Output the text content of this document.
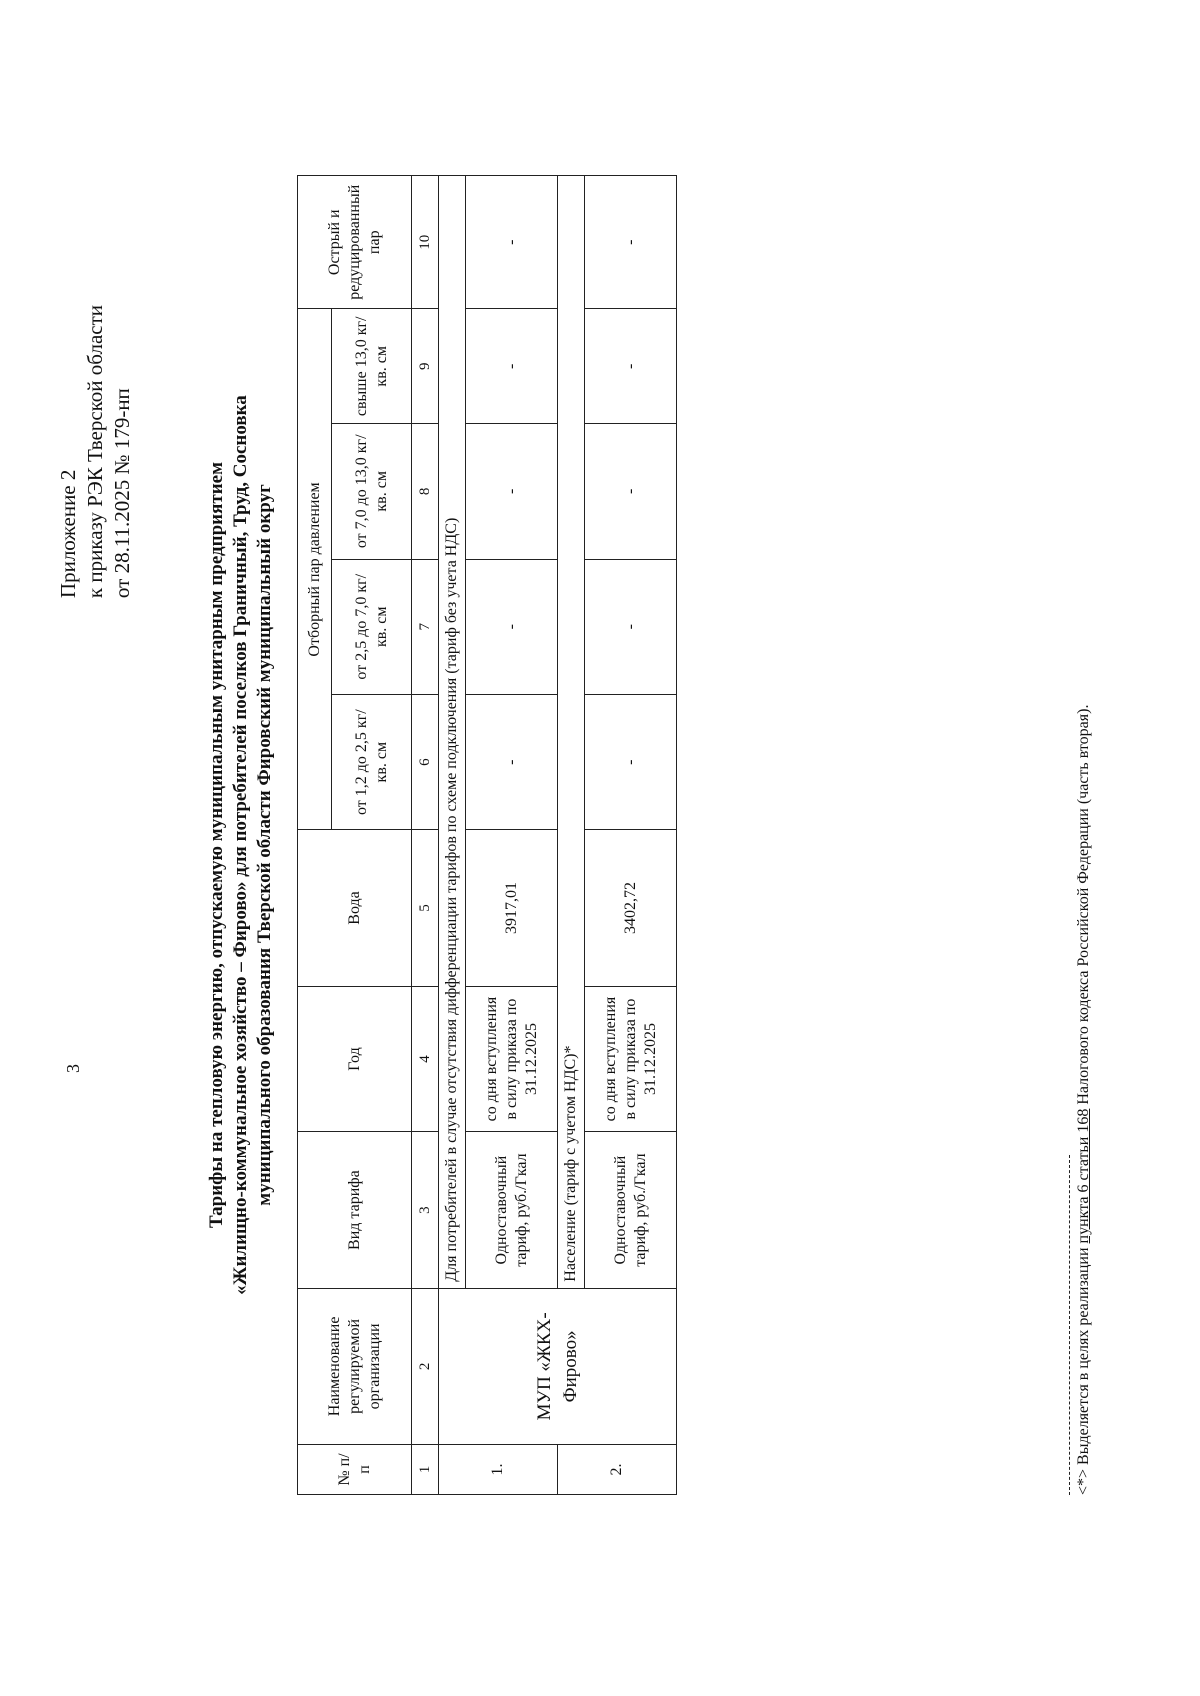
3
Приложение 2 к приказу РЭК Тверской области от 28.11.2025 № 179-нп	Тарифы на тепловую энергию, отпускаемую муниципальным унитарным предприятием «Жилищно-коммунальное хозяйство – Фирово» для потребителей поселков Граничный, Труд, Сосновка муниципального образования Тверской области Фировский муниципальный округ
№ п/ п	Наименование регулируемой организации	Вид тарифа	Год	Вода	Отборный пар давлением				Острый и редуцированный пар
					от 1,2 до 2,5 кг/кв. см	от 2,5 до 7,0 кг/кв. см	от 7,0 до 13,0 кг/кв. см	свыше 13,0 кг/кв. см	
1	2	3	4	5	6	7	8	9	10
1.	МУП «ЖКХ-Фирово»	Для потребителей в случае отсутствия дифференциации тарифов по схеме подключения (тариф без учета НДС)							
		Одноставочный тариф, руб./Гкал	со дня вступления в силу приказа по 31.12.2025	3917,01	-	-	-	-	-
2.		Население (тариф с учетом НДС)*							
		Одноставочный тариф, руб./Гкал	со дня вступления в силу приказа по 31.12.2025	3402,72	-	-	-	-	-
<*> Выделяется в целях реализации пункта 6 статьи 168 Налогового кодекса Российской Федерации (часть вторая).
